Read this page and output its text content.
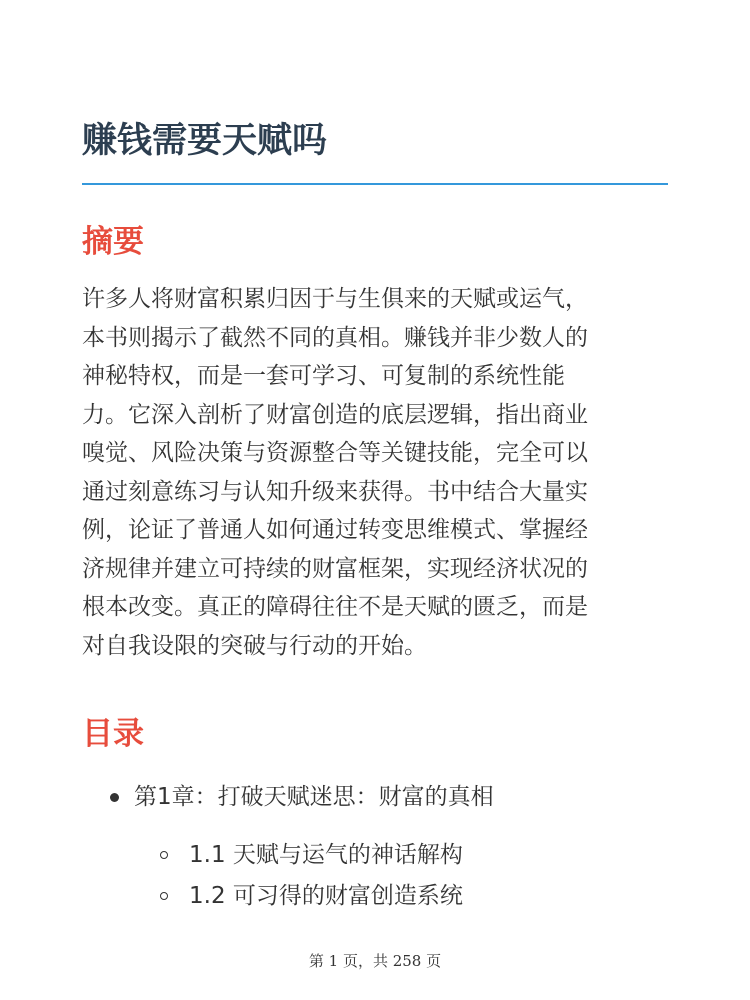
赚钱需要天赋吗
摘要
许多人将财富积累归因于与生俱来的天赋或运气，
本书则揭示了截然不同的真相。赚钱并非少数人的
神秘特权，而是一套可学习、可复制的系统性能
力。它深入剖析了财富创造的底层逻辑，指出商业
嗅觉、风险决策与资源整合等关键技能，完全可以
通过刻意练习与认知升级来获得。书中结合大量实
例，论证了普通人如何通过转变思维模式、掌握经
济规律并建立可持续的财富框架，实现经济状况的
根本改变。真正的障碍往往不是天赋的匮乏，而是
对自我设限的突破与行动的开始。
目录
第1章：打破天赋迷思：财富的真相
1.1 天赋与运气的神话解构
1.2 可习得的财富创造系统
第 1 页，共 258 页
